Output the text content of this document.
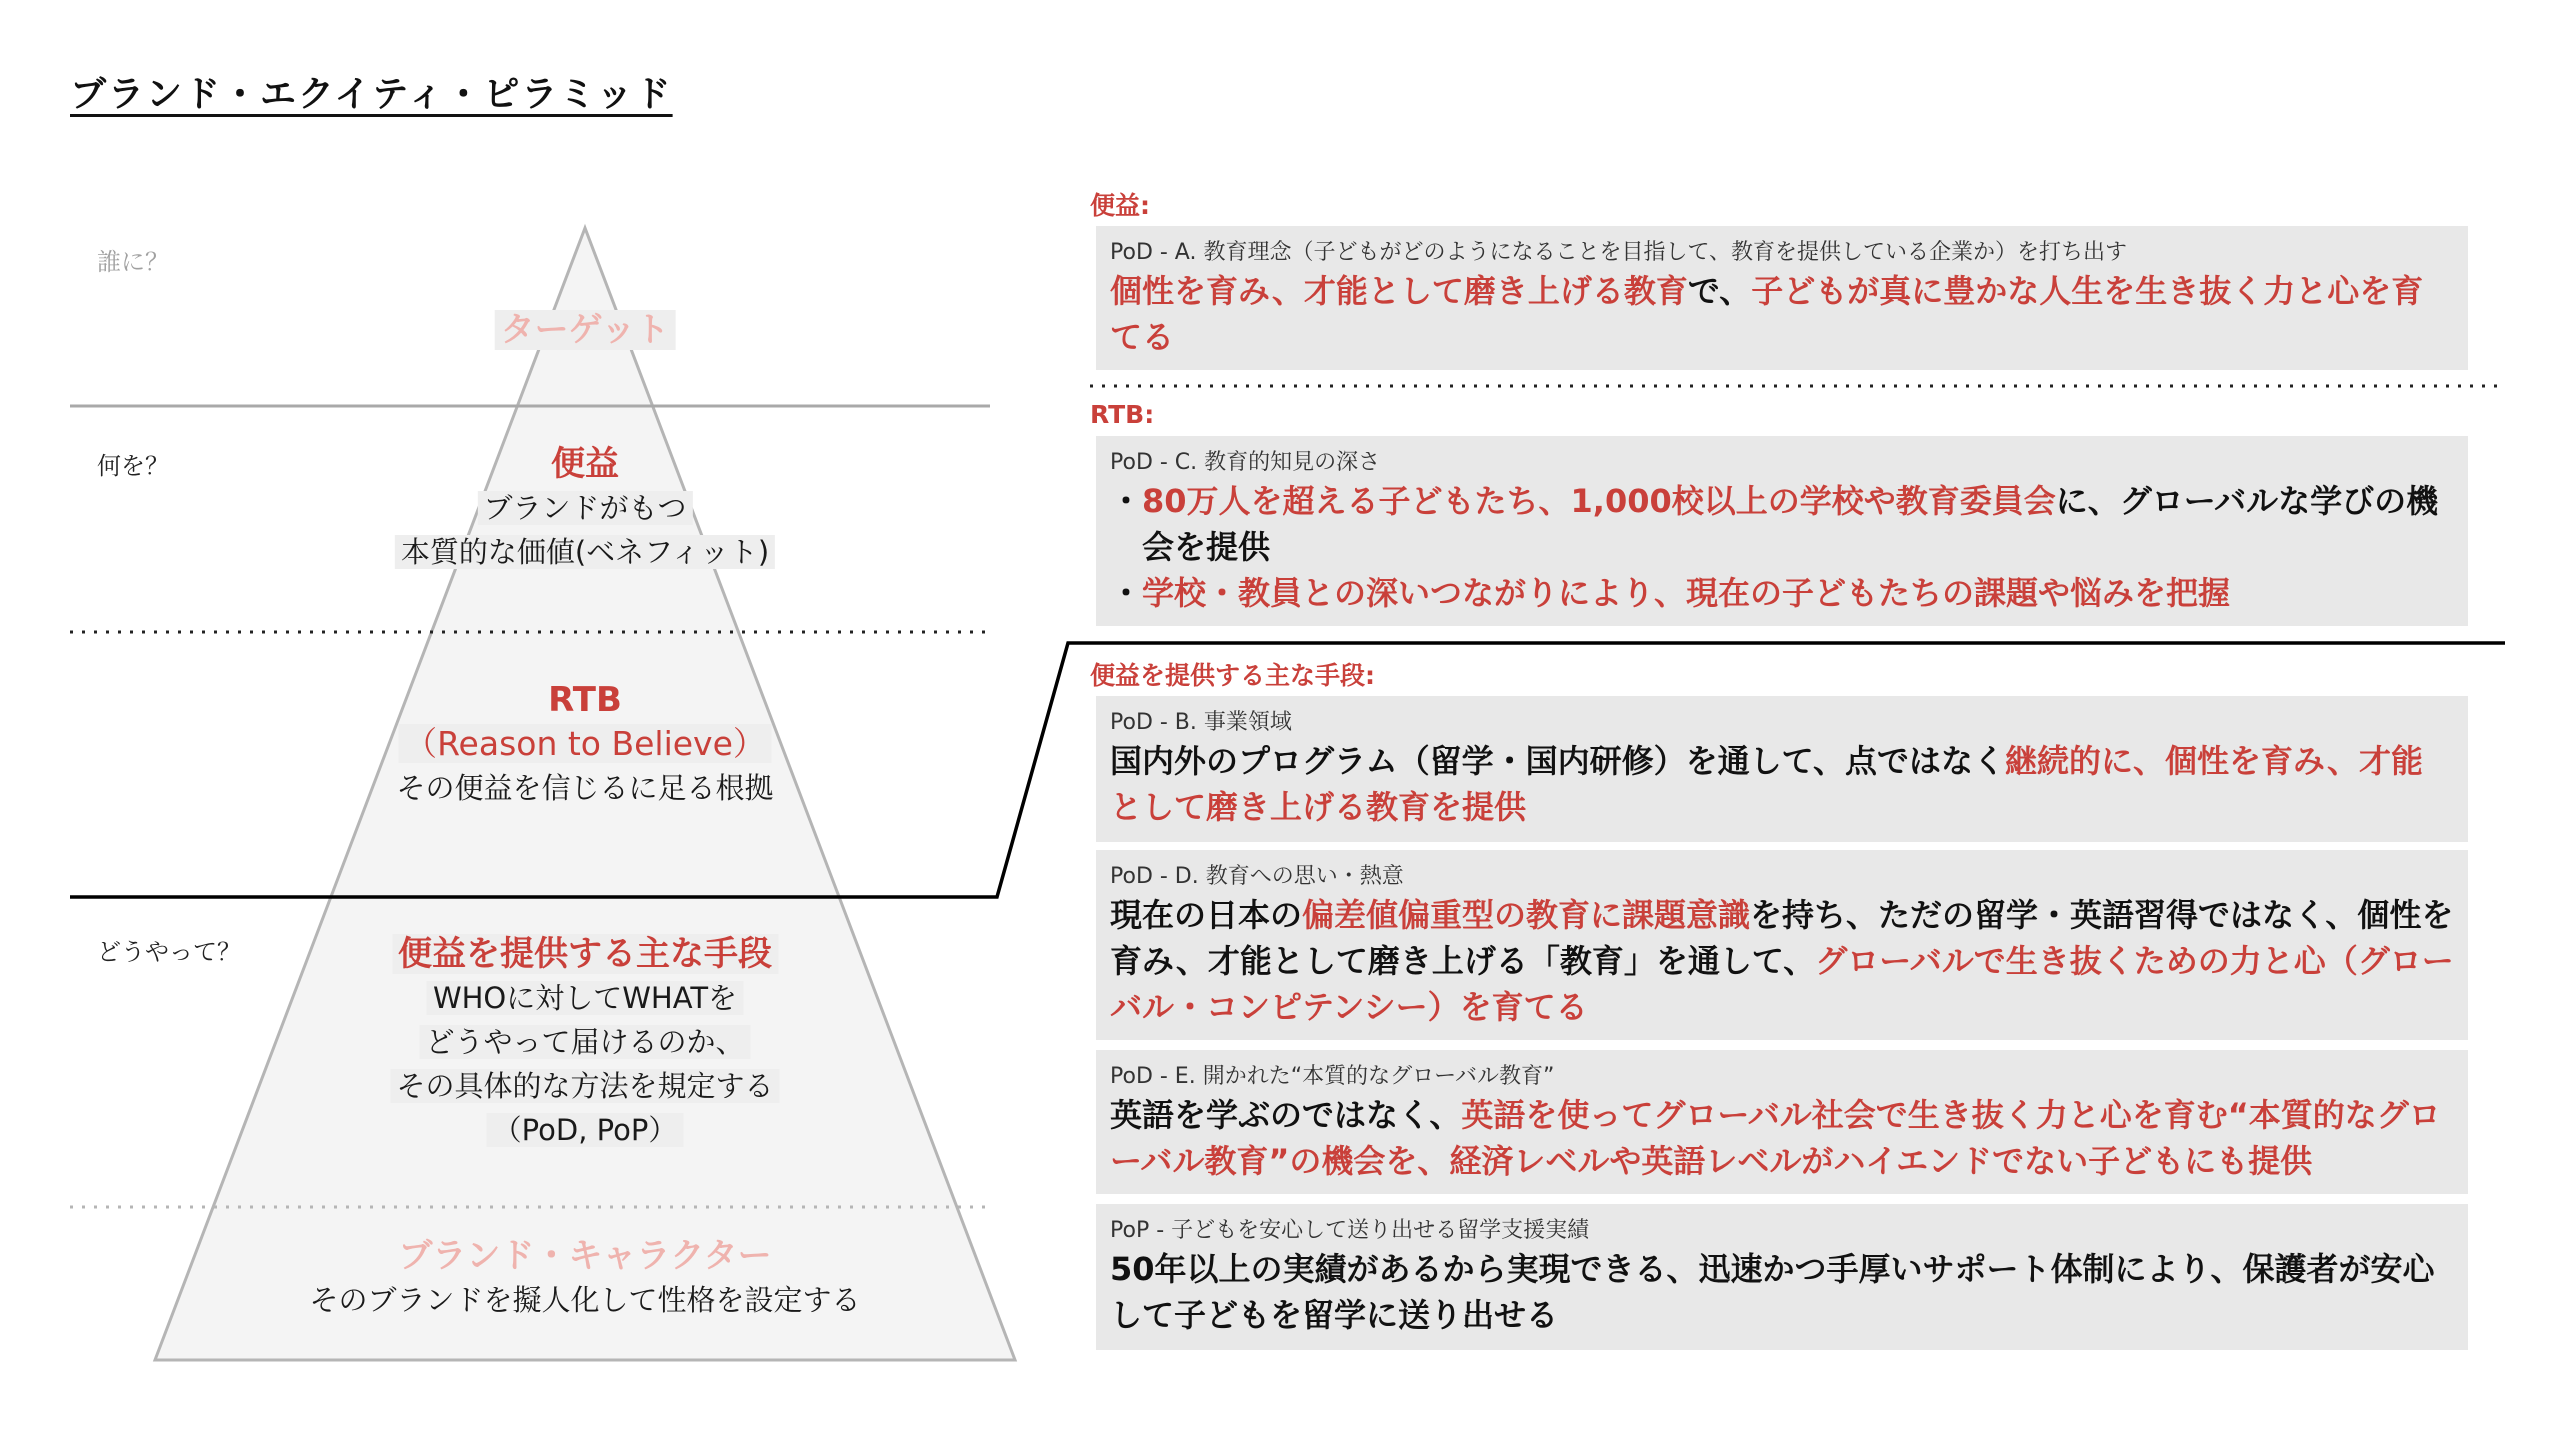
ブランド・エクイティ・ピラミッド
誰に？
何を？
どうやって？
ターゲット
便益
ブランドがもつ
本質的な価値(ベネフィット)
RTB
（Reason to Believe）
その便益を信じるに足る根拠
便益を提供する主な手段
WHOに対してWHATを
どうやって届けるのか、
その具体的な方法を規定する
（PoD, PoP）
ブランド・キャラクター
そのブランドを擬人化して性格を設定する
便益:
PoD - A. 教育理念（子どもがどのようになることを目指して、教育を提供している企業か）を打ち出す
個性を育み、才能として磨き上げる教育で、子どもが真に豊かな人生を生き抜く力と心を育てる
RTB:
PoD - C. 教育的知見の深さ
・ 80万人を超える子どもたち、1,000校以上の学校や教育委員会に、グローバルな学びの機会を提供
・ 学校・教員との深いつながりにより、現在の子どもたちの課題や悩みを把握
便益を提供する主な手段:
PoD - B. 事業領域
国内外のプログラム（留学・国内研修）を通して、点ではなく継続的に、個性を育み、才能として磨き上げる教育を提供
PoD - D. 教育への思い・熱意
現在の日本の偏差値偏重型の教育に課題意識を持ち、ただの留学・英語習得ではなく、個性を育み、才能として磨き上げる「教育」を通して、グローバルで生き抜くための力と心（グローバル・コンピテンシー）を育てる
PoD - E. 開かれた“本質的なグローバル教育”
英語を学ぶのではなく、英語を使ってグローバル社会で生き抜く力と心を育む“本質的なグローバル教育”の機会を、経済レベルや英語レベルがハイエンドでない子どもにも提供
PoP - 子どもを安心して送り出せる留学支援実績
50年以上の実績があるから実現できる、迅速かつ手厚いサポート体制により、保護者が安心して子どもを留学に送り出せる
